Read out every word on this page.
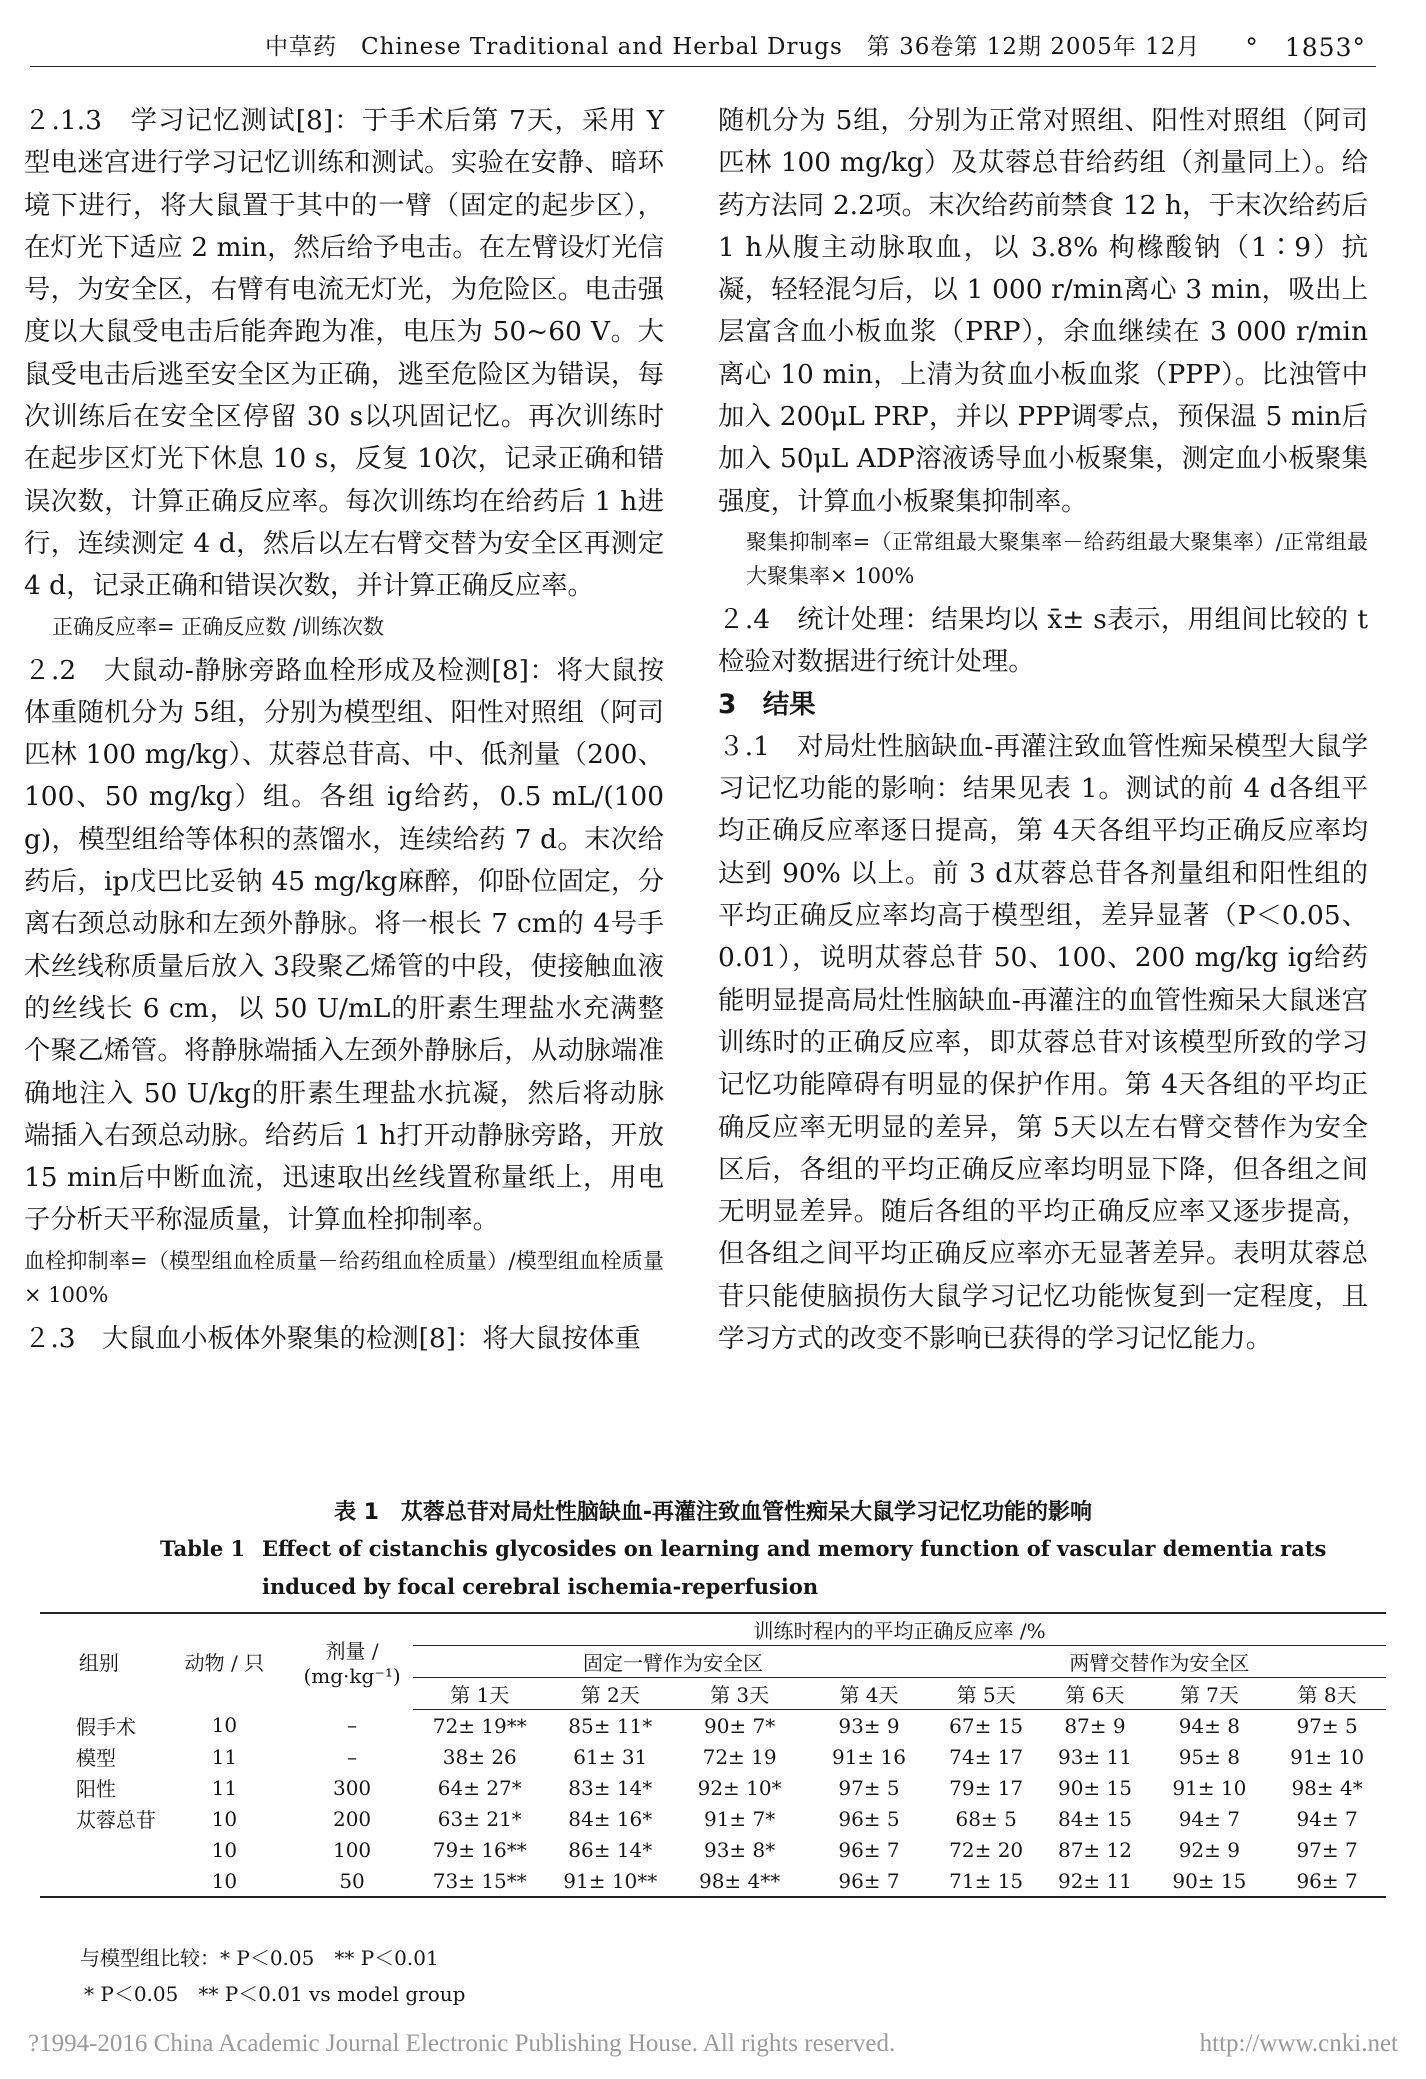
中草药　Chinese Traditional and Herbal Drugs　第 36卷第 12期 2005年 12月 °　1853°

２.1.3　学习记忆测试[8]：于手术后第 7天，采用 Y型电迷宫进行学习记忆训练和测试。实验在安静、暗环境下进行，将大鼠置于其中的一臂（固定的起步区），在灯光下适应 2 min，然后给予电击。在左臂设灯光信号，为安全区，右臂有电流无灯光，为危险区。电击强度以大鼠受电击后能奔跑为准，电压为 50~60 V。大鼠受电击后逃至安全区为正确，逃至危险区为错误，每次训练后在安全区停留 30 s以巩固记忆。再次训练时在起步区灯光下休息 10 s，反复 10次，记录正确和错误次数，计算正确反应率。每次训练均在给药后 1 h进行，连续测定 4 d，然后以左右臂交替为安全区再测定 4 d，记录正确和错误次数，并计算正确反应率。

正确反应率= 正确反应数 /训练次数

２.2　大鼠动-静脉旁路血栓形成及检测[8]：将大鼠按体重随机分为 5组，分别为模型组、阳性对照组（阿司匹林 100 mg/kg）、苁蓉总苷高、中、低剂量（200、100、50 mg/kg）组。各组 ig给药，0.5 mL/(100 g)，模型组给等体积的蒸馏水，连续给药 7 d。末次给药后，ip戊巴比妥钠 45 mg/kg麻醉，仰卧位固定，分离右颈总动脉和左颈外静脉。将一根长 7 cm的 4号手术丝线称质量后放入 3段聚乙烯管的中段，使接触血液的丝线长 6 cm，以 50 U/mL的肝素生理盐水充满整个聚乙烯管。将静脉端插入左颈外静脉后，从动脉端准确地注入 50 U/kg的肝素生理盐水抗凝，然后将动脉端插入右颈总动脉。给药后 1 h打开动静脉旁路，开放 15 min后中断血流，迅速取出丝线置称量纸上，用电子分析天平称湿质量，计算血栓抑制率。

血栓抑制率=（模型组血栓质量－给药组血栓质量）/模型组血栓质量× 100%

２.3　大鼠血小板体外聚集的检测[8]：将大鼠按体重

随机分为 5组，分别为正常对照组、阳性对照组（阿司匹林 100 mg/kg）及苁蓉总苷给药组（剂量同上）。给药方法同 2.2项。末次给药前禁食 12 h，于末次给药后 1 h从腹主动脉取血，以 3.8% 枸橼酸钠（1∶9）抗凝，轻轻混匀后，以 1 000 r/min离心 3 min，吸出上层富含血小板血浆（PRP），余血继续在 3 000 r/min离心 10 min，上清为贫血小板血浆（PPP）。比浊管中加入 200μL PRP，并以 PPP调零点，预保温 5 min后加入 50μL ADP溶液诱导血小板聚集，测定血小板聚集强度，计算血小板聚集抑制率。

聚集抑制率=（正常组最大聚集率－给药组最大聚集率）/正常组最大聚集率× 100%

２.4　统计处理：结果均以 x̄± s表示，用组间比较的 t检验对数据进行统计处理。

3　结果

３.1　对局灶性脑缺血-再灌注致血管性痴呆模型大鼠学习记忆功能的影响：结果见表 1。测试的前 4 d各组平均正确反应率逐日提高，第 4天各组平均正确反应率均达到 90% 以上。前 3 d苁蓉总苷各剂量组和阳性组的平均正确反应率均高于模型组，差异显著（P＜0.05、0.01），说明苁蓉总苷 50、100、200 mg/kg ig给药能明显提高局灶性脑缺血-再灌注的血管性痴呆大鼠迷宫训练时的正确反应率，即苁蓉总苷对该模型所致的学习记忆功能障碍有明显的保护作用。第 4天各组的平均正确反应率无明显的差异，第 5天以左右臂交替作为安全区后，各组的平均正确反应率均明显下降，但各组之间无明显差异。随后各组的平均正确反应率又逐步提高，但各组之间平均正确反应率亦无显著差异。表明苁蓉总苷只能使脑损伤大鼠学习记忆功能恢复到一定程度，且学习方式的改变不影响已获得的学习记忆能力。

表 1　苁蓉总苷对局灶性脑缺血-再灌注致血管性痴呆大鼠学习记忆功能的影响
Table 1 Effect of cistanchis glycosides on learning and memory function of vascular dementia rats induced by focal cerebral ischemia-reperfusion
组别	动物 / 只	剂量 / (mg·kg⁻¹)	训练时程内的平均正确反应率 /%							
			固定一臂作为安全区				两臂交替作为安全区			
			第 1天	第 2天	第 3天	第 4天	第 5天	第 6天	第 7天	第 8天
假手术	10	–	72± 19**	85± 11*	90± 7*	93± 9	67± 15	87± 9	94± 8	97± 5
模型	11	–	38± 26	61± 31	72± 19	91± 16	74± 17	93± 11	95± 8	91± 10
阳性	11	300	64± 27*	83± 14*	92± 10*	97± 5	79± 17	90± 15	91± 10	98± 4*
苁蓉总苷	10	200	63± 21*	84± 16*	91± 7*	96± 5	68± 5	84± 15	94± 7	94± 7
	10	100	79± 16**	86± 14*	93± 8*	96± 7	72± 20	87± 12	92± 9	97± 7
	10	50	73± 15**	91± 10**	98± 4**	96± 7	71± 15	92± 11	90± 15	96± 7
与模型组比较：* P＜0.05　** P＜0.01
* P＜0.05　** P＜0.01 vs model group
?1994-2016 China Academic Journal Electronic Publishing House. All rights reserved.	http://www.cnki.net
